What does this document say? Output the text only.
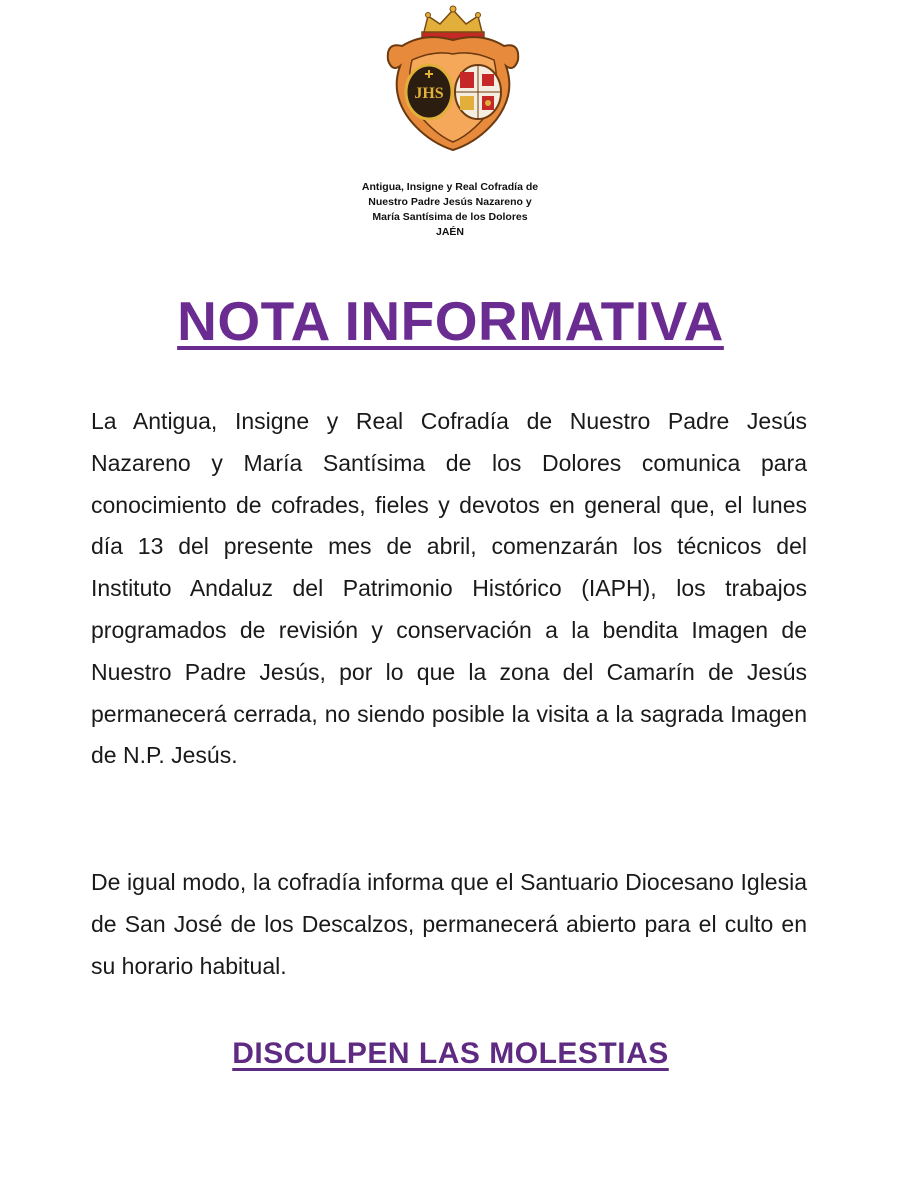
JHS
Antigua, Insigne y Real Cofradía de
Nuestro Padre Jesús Nazareno y
María Santísima de los Dolores
JAÉN
NOTA INFORMATIVA

La Antigua, Insigne y Real Cofradía de Nuestro Padre Jesús Nazareno y María Santísima de los Dolores comunica para conocimiento de cofrades, fieles y devotos en general que, el lunes día 13 del presente mes de abril, comenzarán los técnicos del Instituto Andaluz del Patrimonio Histórico (IAPH), los trabajos programados de revisión y conservación a la bendita Imagen de Nuestro Padre Jesús, por lo que la zona del Camarín de Jesús permanecerá cerrada, no siendo posible la visita a la sagrada Imagen de N.P. Jesús.

De igual modo, la cofradía informa que el Santuario Diocesano Iglesia de San José de los Descalzos, permanecerá abierto para el culto en su horario habitual.

DISCULPEN LAS MOLESTIAS
